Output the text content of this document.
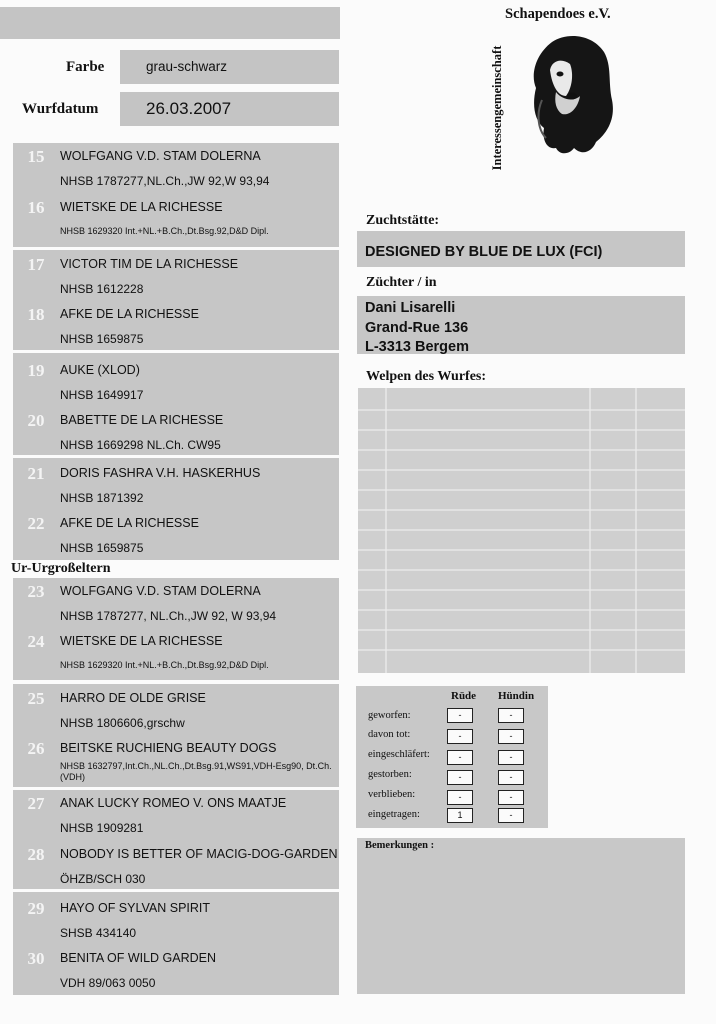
Farbe	grau-schwarz
Wurfdatum	26.03.2007
15	WOLFGANG V.D. STAM DOLERNA
NHSB 1787277,NL.Ch.,JW 92,W 93,94
16	WIETSKE DE LA RICHESSE
NHSB 1629320 Int.+NL.+B.Ch.,Dt.Bsg.92,D&D Dipl.
17	VICTOR TIM DE LA RICHESSE
NHSB 1612228
18	AFKE DE LA RICHESSE
NHSB 1659875
19	AUKE (XLOD)
NHSB 1649917
20	BABETTE DE LA RICHESSE
NHSB 1669298 NL.Ch. CW95
21	DORIS FASHRA V.H. HASKERHUS
NHSB 1871392
22	AFKE DE LA RICHESSE
NHSB 1659875
Ur-Urgroßeltern
23	WOLFGANG V.D. STAM DOLERNA
NHSB 1787277, NL.Ch.,JW 92, W 93,94
24	WIETSKE DE LA RICHESSE
NHSB 1629320 Int.+NL.+B.Ch.,Dt.Bsg.92,D&D Dipl.
25	HARRO DE OLDE GRISE
NHSB 1806606,grschw
26	BEITSKE RUCHIENG BEAUTY DOGS
NHSB 1632797,Int.Ch.,NL.Ch.,Dt.Bsg.91,WS91,VDH-Esg90, Dt.Ch.(VDH)
27	ANAK LUCKY ROMEO V. ONS MAATJE
NHSB 1909281
28	NOBODY IS BETTER OF MACIG-DOG-GARDEN
ÖHZB/SCH 030
29	HAYO OF SYLVAN SPIRIT
SHSB 434140
30	BENITA OF WILD GARDEN
VDH 89/063 0050
Schapendoes e.V.
Interessengemeinschaft
Zuchtstätte:
DESIGNED BY BLUE DE LUX (FCI)
Züchter / in
Dani Lisarelli
Grand-Rue 136
L-3313 Bergem
Welpen des Wurfes:
Rüde Hündin
geworfen:	-	-
davon tot:	-	-
eingeschläfert:	-	-
gestorben:	-	-
verblieben:	-	-
eingetragen:	1	-
Bemerkungen :
